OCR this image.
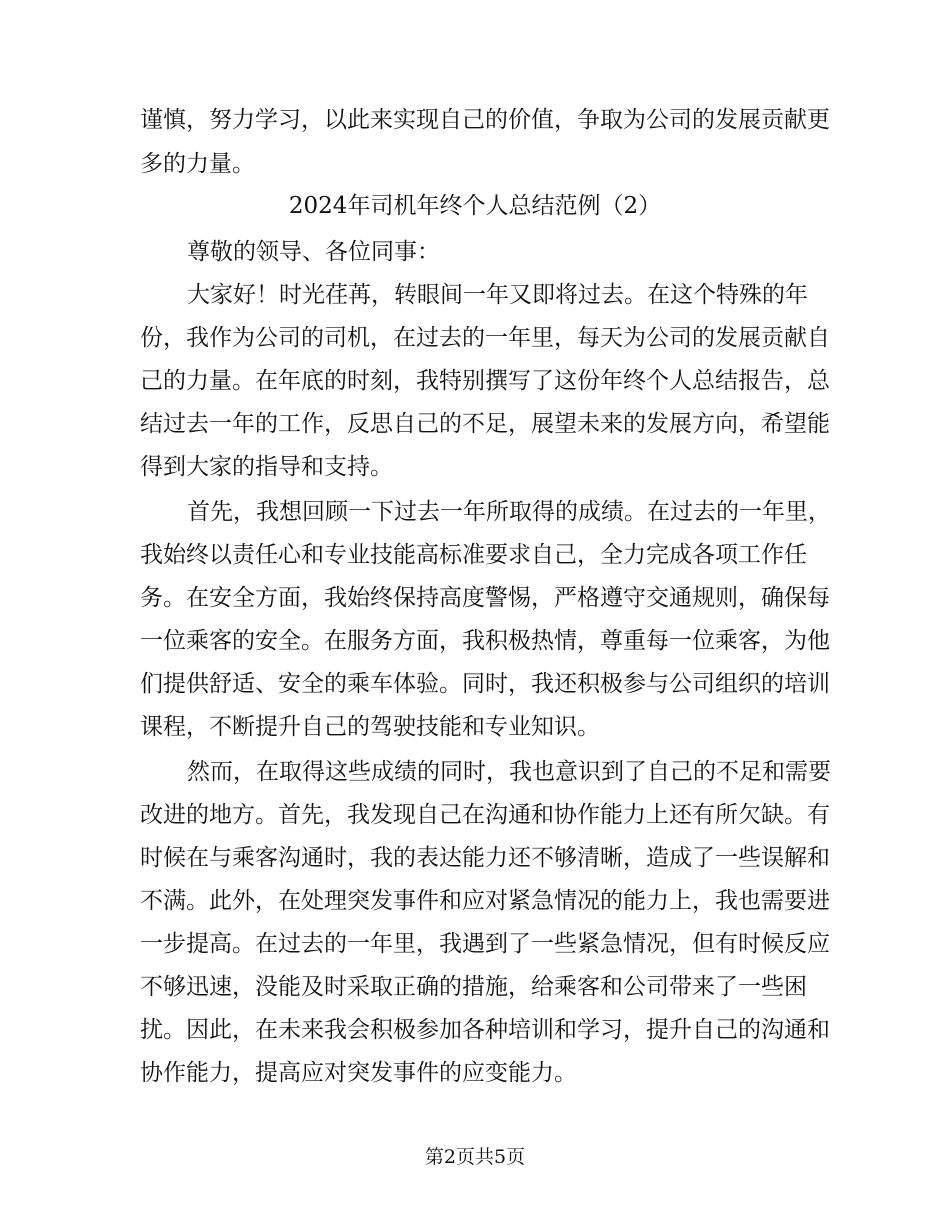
谨慎，努力学习，以此来实现自己的价值，争取为公司的发展贡献更
多的力量。
2024年司机年终个人总结范例（2）
尊敬的领导、各位同事：
大家好！时光荏苒，转眼间一年又即将过去。在这个特殊的年
份，我作为公司的司机，在过去的一年里，每天为公司的发展贡献自
己的力量。在年底的时刻，我特别撰写了这份年终个人总结报告，总
结过去一年的工作，反思自己的不足，展望未来的发展方向，希望能
得到大家的指导和支持。
首先，我想回顾一下过去一年所取得的成绩。在过去的一年里，
我始终以责任心和专业技能高标准要求自己，全力完成各项工作任
务。在安全方面，我始终保持高度警惕，严格遵守交通规则，确保每
一位乘客的安全。在服务方面，我积极热情，尊重每一位乘客，为他
们提供舒适、安全的乘车体验。同时，我还积极参与公司组织的培训
课程，不断提升自己的驾驶技能和专业知识。
然而，在取得这些成绩的同时，我也意识到了自己的不足和需要
改进的地方。首先，我发现自己在沟通和协作能力上还有所欠缺。有
时候在与乘客沟通时，我的表达能力还不够清晰，造成了一些误解和
不满。此外，在处理突发事件和应对紧急情况的能力上，我也需要进
一步提高。在过去的一年里，我遇到了一些紧急情况，但有时候反应
不够迅速，没能及时采取正确的措施，给乘客和公司带来了一些困
扰。因此，在未来我会积极参加各种培训和学习，提升自己的沟通和
协作能力，提高应对突发事件的应变能力。
第2页共5页
